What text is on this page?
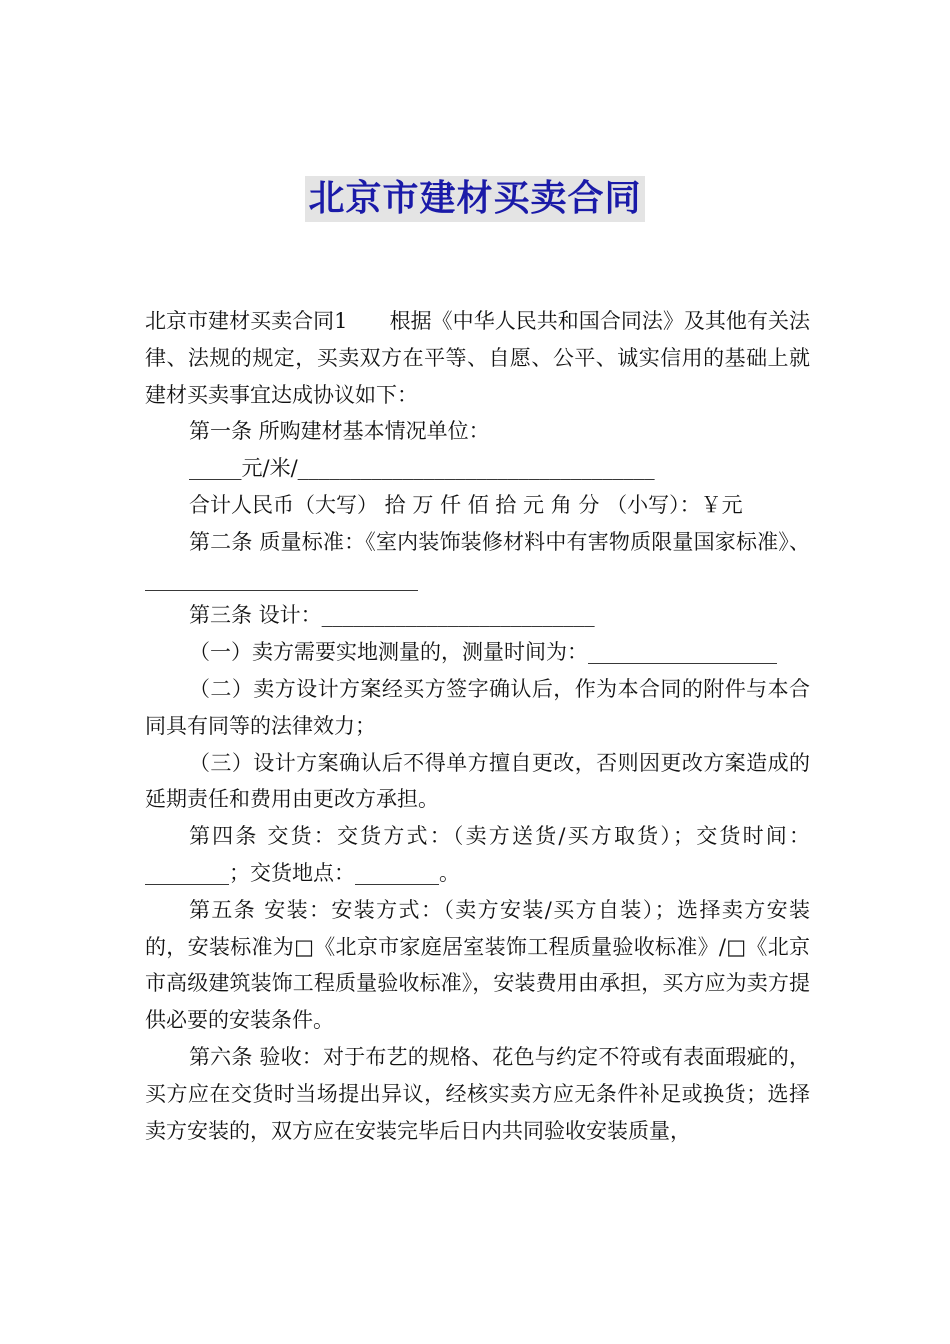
北京市建材买卖合同

北京市建材买卖合同1　　根据《中华人民共和国合同法》及其他有关法律、法规的规定，买卖双方在平等、自愿、公平、诚实信用的基础上就建材买卖事宜达成协议如下：

第一条 所购建材基本情况单位：

_____元/米/__________________________________

合计人民币（大写） 拾 万 仟 佰 拾 元 角 分 （小写）：￥元

第二条 质量标准：《室内装饰装修材料中有害物质限量国家标准》、__________________________

第三条 设计：__________________________

（一）卖方需要实地测量的，测量时间为：__________________

（二）卖方设计方案经买方签字确认后，作为本合同的附件与本合同具有同等的法律效力；

（三）设计方案确认后不得单方擅自更改，否则因更改方案造成的延期责任和费用由更改方承担。

第四条 交货：交货方式：（卖方送货/买方取货）；交货时间：________；交货地点：________。

第五条 安装：安装方式：（卖方安装/买方自装）；选择卖方安装的，安装标准为□《北京市家庭居室装饰工程质量验收标准》/□《北京市高级建筑装饰工程质量验收标准》，安装费用由承担，买方应为卖方提供必要的安装条件。

第六条 验收：对于布艺的规格、花色与约定不符或有表面瑕疵的，买方应在交货时当场提出异议，经核实卖方应无条件补足或换货；选择卖方安装的，双方应在安装完毕后日内共同验收安装质量，
